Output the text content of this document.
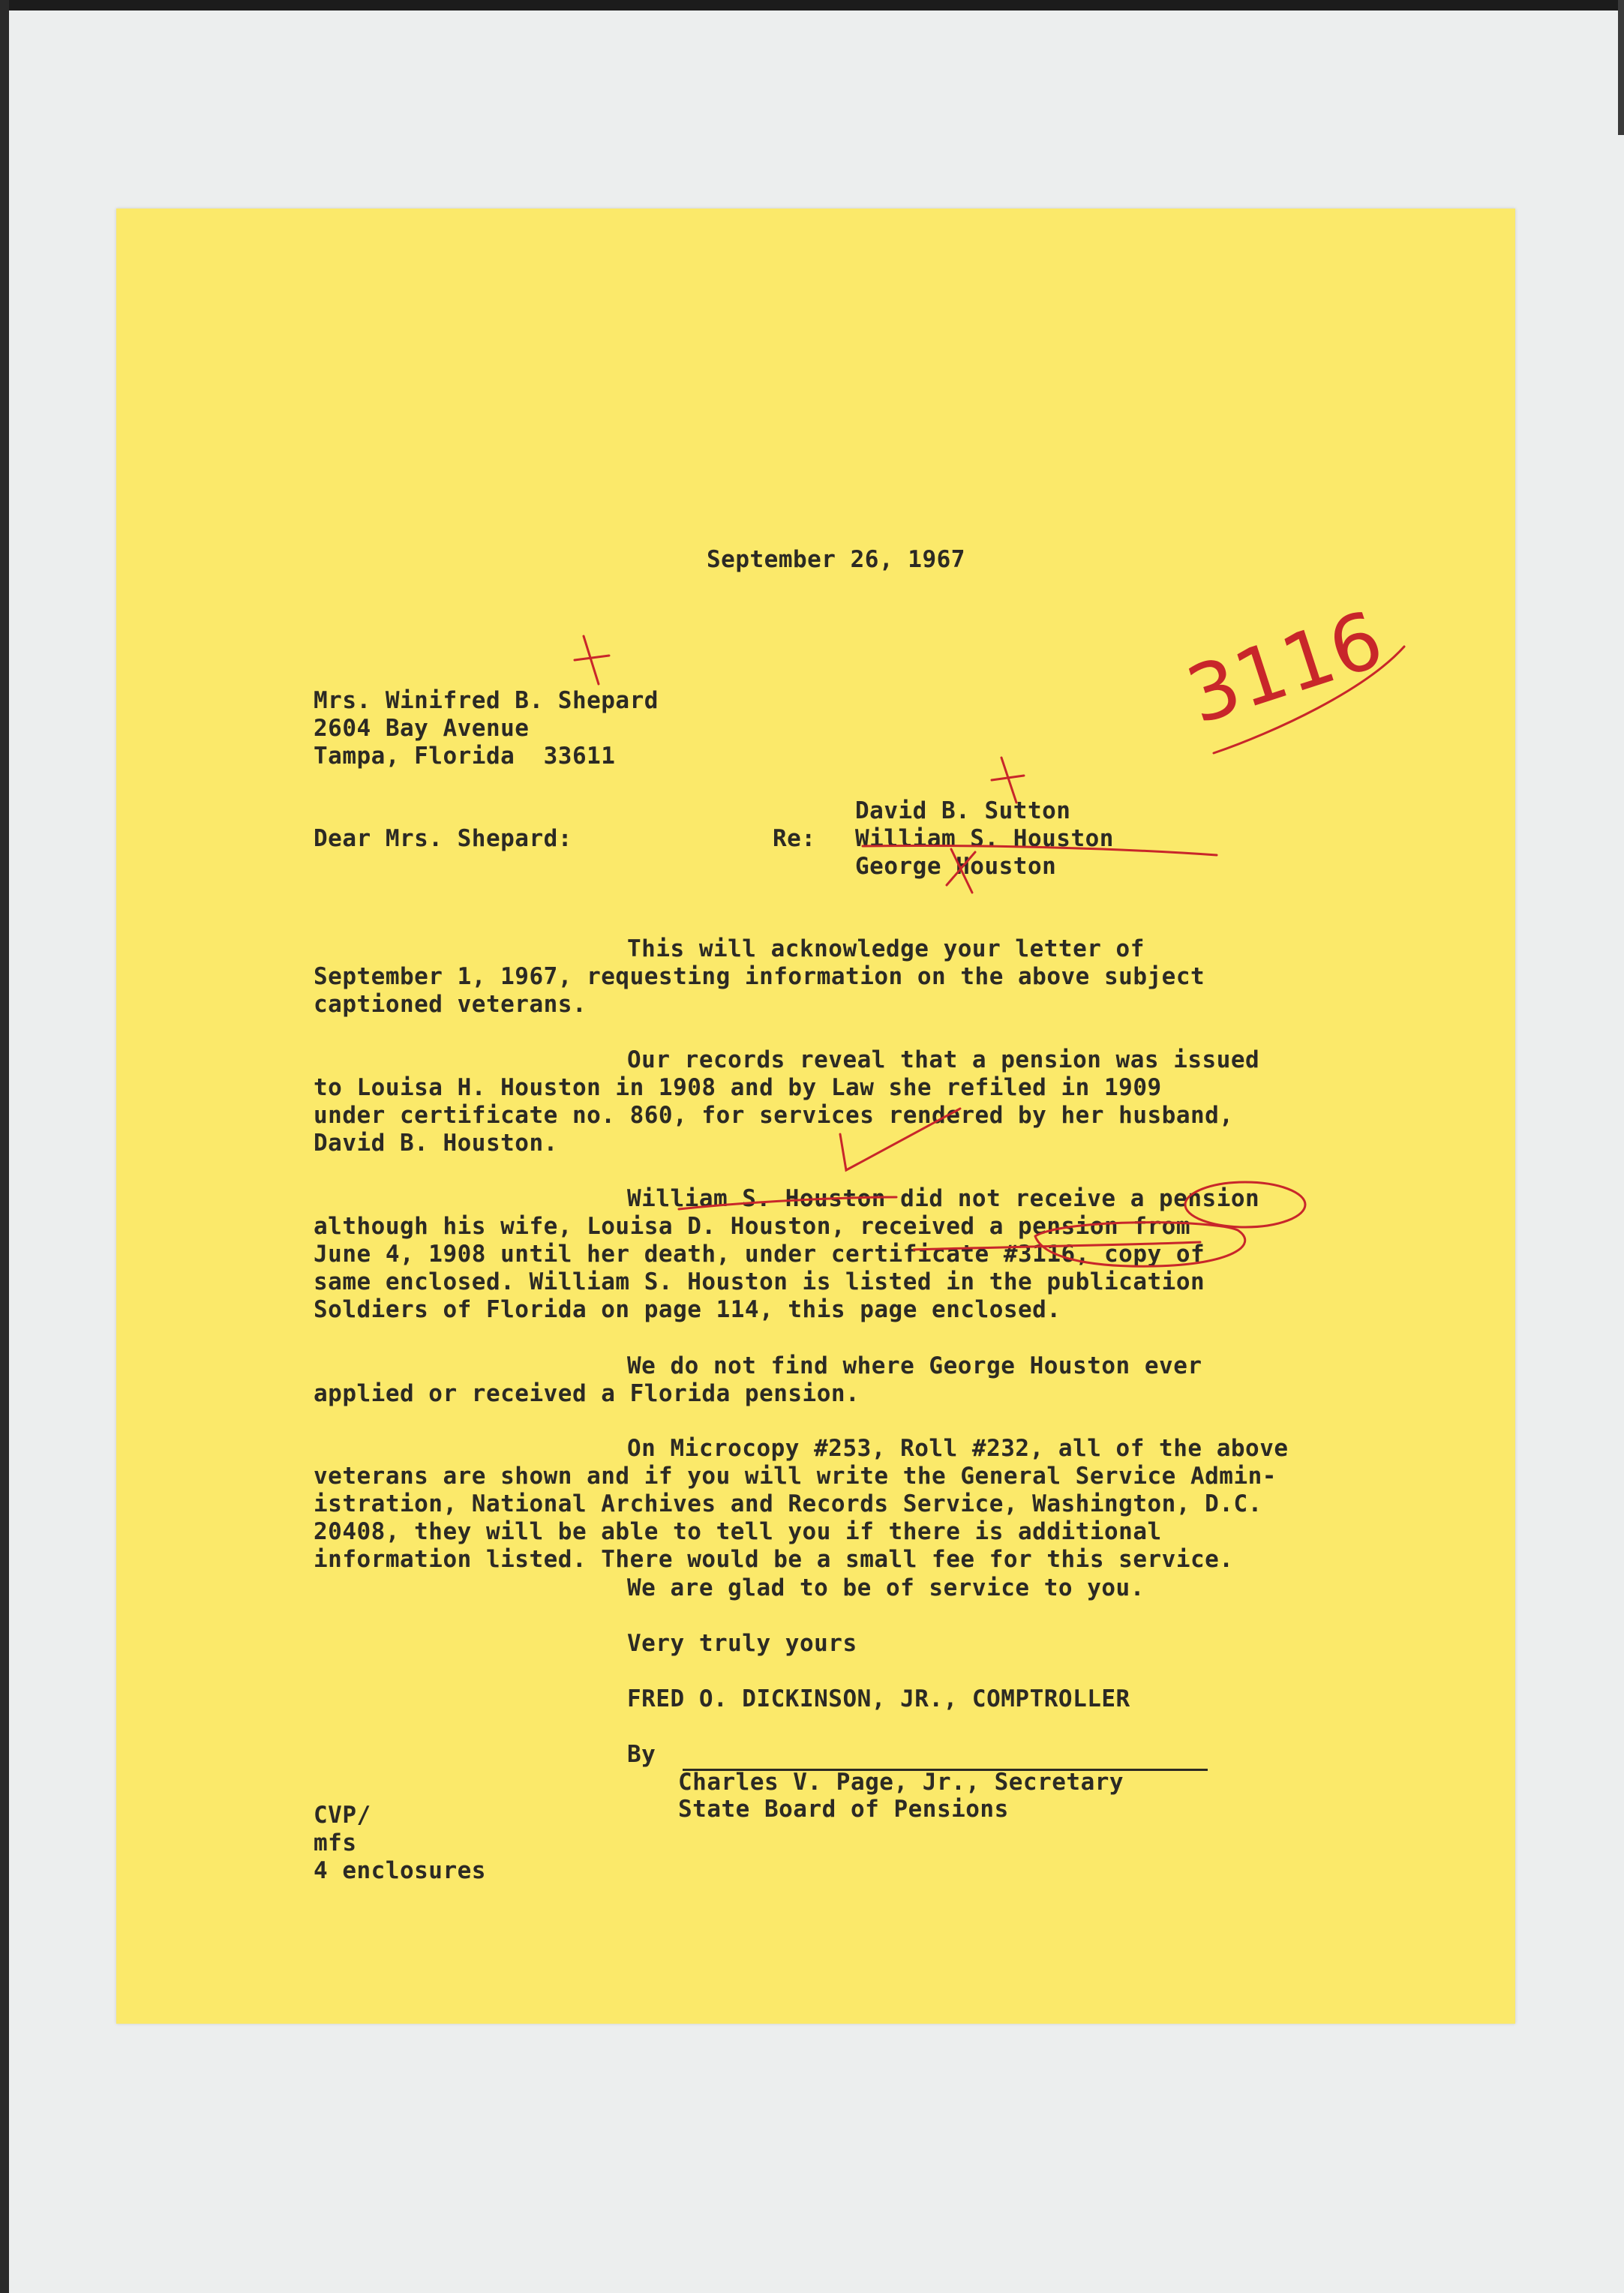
September 26, 1967
Mrs. Winifred B. Shepard
2604 Bay Avenue
Tampa, Florida  33611
David B. Sutton
Dear Mrs. Shepard:	Re: William S. Houston
George Houston

This will acknowledge your letter of
September 1, 1967, requesting information on the above subject
captioned veterans.

Our records reveal that a pension was issued
to Louisa H. Houston in 1908 and by Law she refiled in 1909
under certificate no. 860, for services rendered by her husband,
David B. Houston.

William S. Houston did not receive a pension
although his wife, Louisa D. Houston, received a pension from
June 4, 1908 until her death, under certificate #3116, copy of
same enclosed. William S. Houston is listed in the publication
Soldiers of Florida on page 114, this page enclosed.

We do not find where George Houston ever
applied or received a Florida pension.

On Microcopy #253, Roll #232, all of the above
veterans are shown and if you will write the General Service Admin-
istration, National Archives and Records Service, Washington, D.C.
20408, they will be able to tell you if there is additional
information listed. There would be a small fee for this service.

We are glad to be of service to you.
Very truly yours
FRED O. DICKINSON, JR., COMPTROLLER
By
Charles V. Page, Jr., Secretary
State Board of Pensions
CVP/
mfs
4 enclosures
3116
